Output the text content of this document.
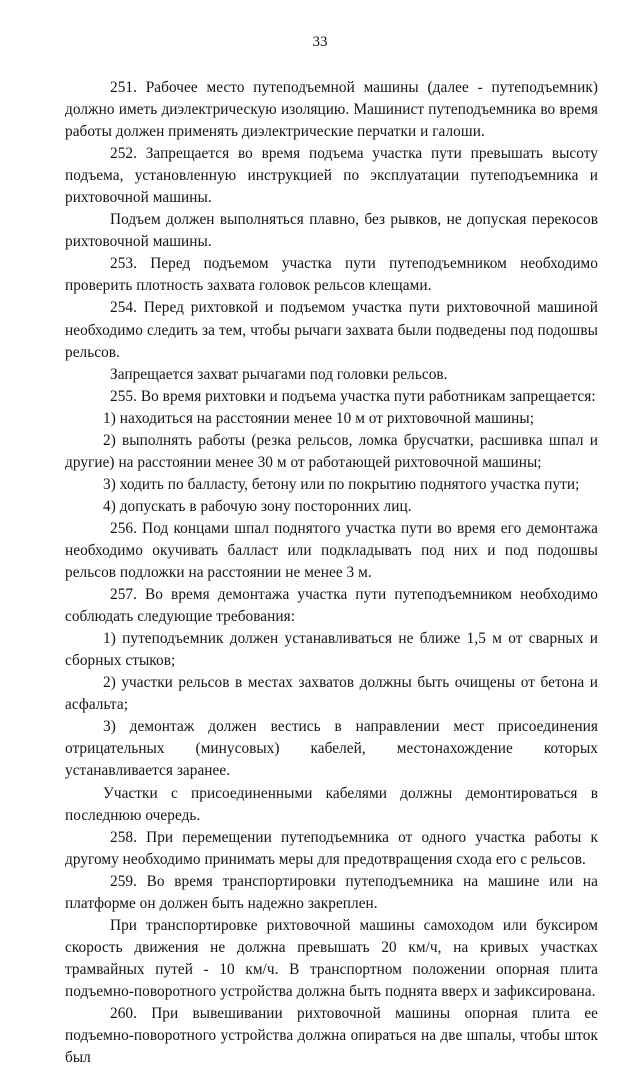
33

251. Рабочее место путеподъемной машины (далее - путеподъемник) должно иметь диэлектрическую изоляцию. Машинист путеподъемника во время работы должен применять диэлектрические перчатки и галоши.

252. Запрещается во время подъема участка пути превышать высоту подъема, установленную инструкцией по эксплуатации путеподъемника и рихтовочной машины.

Подъем должен выполняться плавно, без рывков, не допуская перекосов рихтовочной машины.

253. Перед подъемом участка пути путеподъемником необходимо проверить плотность захвата головок рельсов клещами.

254. Перед рихтовкой и подъемом участка пути рихтовочной машиной необходимо следить за тем, чтобы рычаги захвата были подведены под подошвы рельсов.

Запрещается захват рычагами под головки рельсов.

255. Во время рихтовки и подъема участка пути работникам запрещается:

1) находиться на расстоянии менее 10 м от рихтовочной машины;

2) выполнять работы (резка рельсов, ломка брусчатки, расшивка шпал и другие) на расстоянии менее 30 м от работающей рихтовочной машины;

3) ходить по балласту, бетону или по покрытию поднятого участка пути;

4) допускать в рабочую зону посторонних лиц.

256. Под концами шпал поднятого участка пути во время его демонтажа необходимо окучивать балласт или подкладывать под них и под подошвы рельсов подложки на расстоянии не менее 3 м.

257. Во время демонтажа участка пути путеподъемником необходимо соблюдать следующие требования:

1) путеподъемник должен устанавливаться не ближе 1,5 м от сварных и сборных стыков;

2) участки рельсов в местах захватов должны быть очищены от бетона и асфальта;

3) демонтаж должен вестись в направлении мест присоединения отрицательных (минусовых) кабелей, местонахождение которых устанавливается заранее.

Участки с присоединенными кабелями должны демонтироваться в последнюю очередь.

258. При перемещении путеподъемника от одного участка работы к другому необходимо принимать меры для предотвращения схода его с рельсов.

259. Во время транспортировки путеподъемника на машине или на платформе он должен быть надежно закреплен.

При транспортировке рихтовочной машины самоходом или буксиром скорость движения не должна превышать 20 км/ч, на кривых участках трамвайных путей - 10 км/ч. В транспортном положении опорная плита подъемно-поворотного устройства должна быть поднята вверх и зафиксирована.

260. При вывешивании рихтовочной машины опорная плита ее подъемно-поворотного устройства должна опираться на две шпалы, чтобы шток был
